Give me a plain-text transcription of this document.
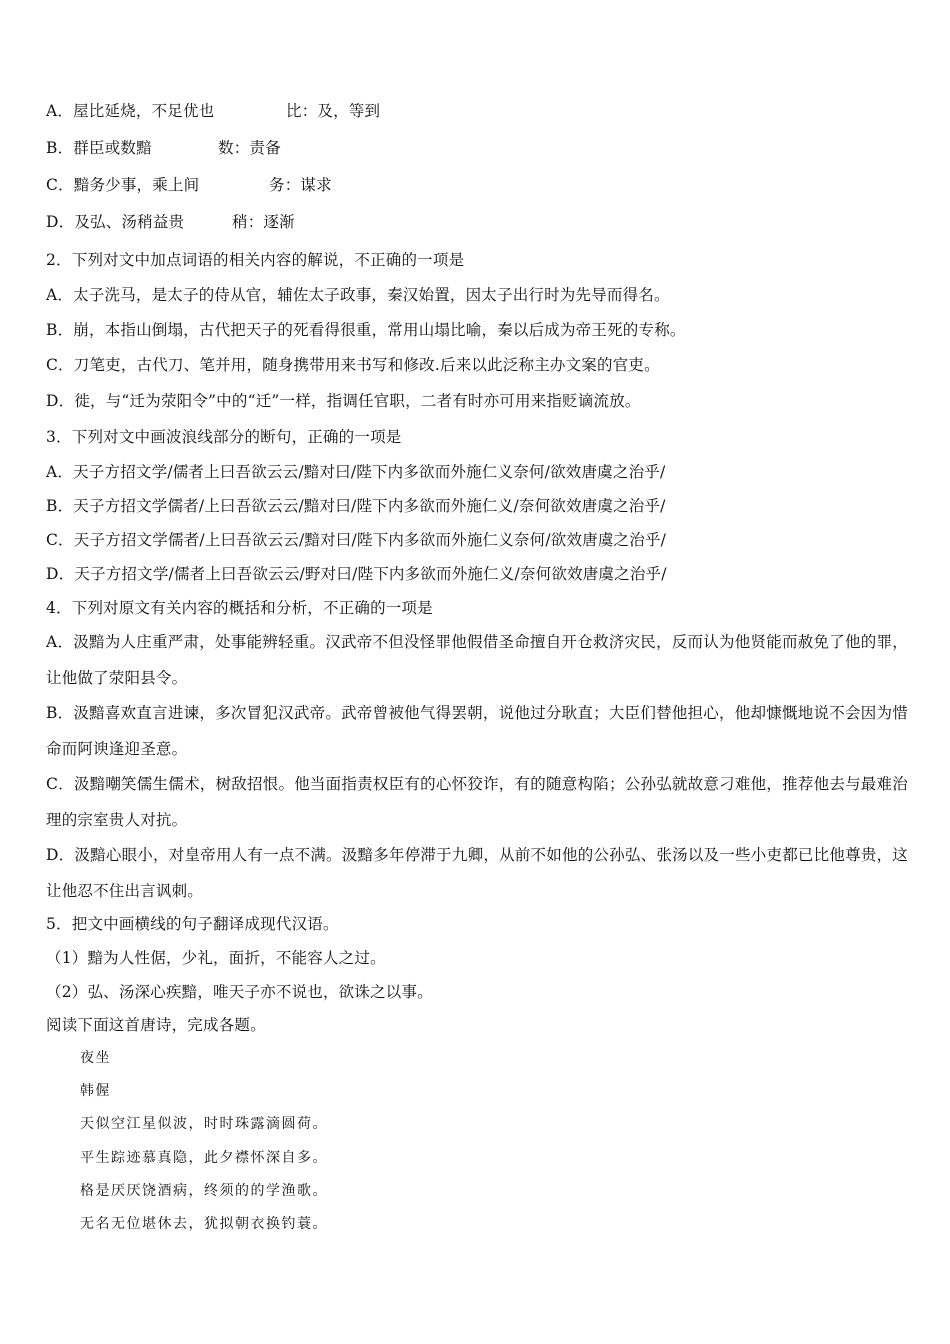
A．屋比延烧，不足优也	比：及，等到
B．群臣或数黯	数：责备
C．黯务少事，乘上间	务：谋求
D．及弘、汤稍益贵	稍：逐渐
2．下列对文中加点词语的相关内容的解说，不正确的一项是
A．太子洗马，是太子的侍从官，辅佐太子政事，秦汉始置，因太子出行时为先导而得名。
B．崩，本指山倒塌，古代把天子的死看得很重，常用山塌比喻，秦以后成为帝王死的专称。
C．刀笔吏，古代刀、笔并用，随身携带用来书写和修改.后来以此泛称主办文案的官吏。
D．徙，与“迁为荥阳令”中的“迁”一样，指调任官职，二者有时亦可用来指贬谪流放。
3．下列对文中画波浪线部分的断句，正确的一项是
A．天子方招文学/儒者上曰吾欲云云/黯对曰/陛下内多欲而外施仁义奈何/欲效唐虞之治乎/
B．天子方招文学儒者/上曰吾欲云云/黯对曰/陛下内多欲而外施仁义/奈何欲效唐虞之治乎/
C．天子方招文学儒者/上曰吾欲云云/黯对曰/陛下内多欲而外施仁义奈何/欲效唐虞之治乎/
D．天子方招文学/儒者上曰吾欲云云/野对曰/陛下内多欲而外施仁义/奈何欲效唐虞之治乎/
4．下列对原文有关内容的概括和分析，不正确的一项是
A．汲黯为人庄重严肃，处事能辨轻重。汉武帝不但没怪罪他假借圣命擅自开仓救济灾民，反而认为他贤能而赦免了他的罪，让他做了荥阳县令。
B．汲黯喜欢直言进谏，多次冒犯汉武帝。武帝曾被他气得罢朝，说他过分耿直；大臣们替他担心，他却慷慨地说不会因为惜命而阿谀逢迎圣意。
C．汲黯嘲笑儒生儒术，树敌招恨。他当面指责权臣有的心怀狡诈，有的随意构陷；公孙弘就故意刁难他，推荐他去与最难治理的宗室贵人对抗。
D．汲黯心眼小，对皇帝用人有一点不满。汲黯多年停滞于九卿，从前不如他的公孙弘、张汤以及一些小吏都已比他尊贵，这让他忍不住出言讽刺。
5．把文中画横线的句子翻译成现代汉语。
（1）黯为人性倨，少礼，面折，不能容人之过。
（2）弘、汤深心疾黯，唯天子亦不说也，欲诛之以事。
阅读下面这首唐诗，完成各题。
夜坐
韩偓
天似空江星似波，时时珠露滴圆荷。
平生踪迹慕真隐，此夕襟怀深自多。
格是厌厌饶酒病，终须的的学渔歌。
无名无位堪休去，犹拟朝衣换钓蓑。
